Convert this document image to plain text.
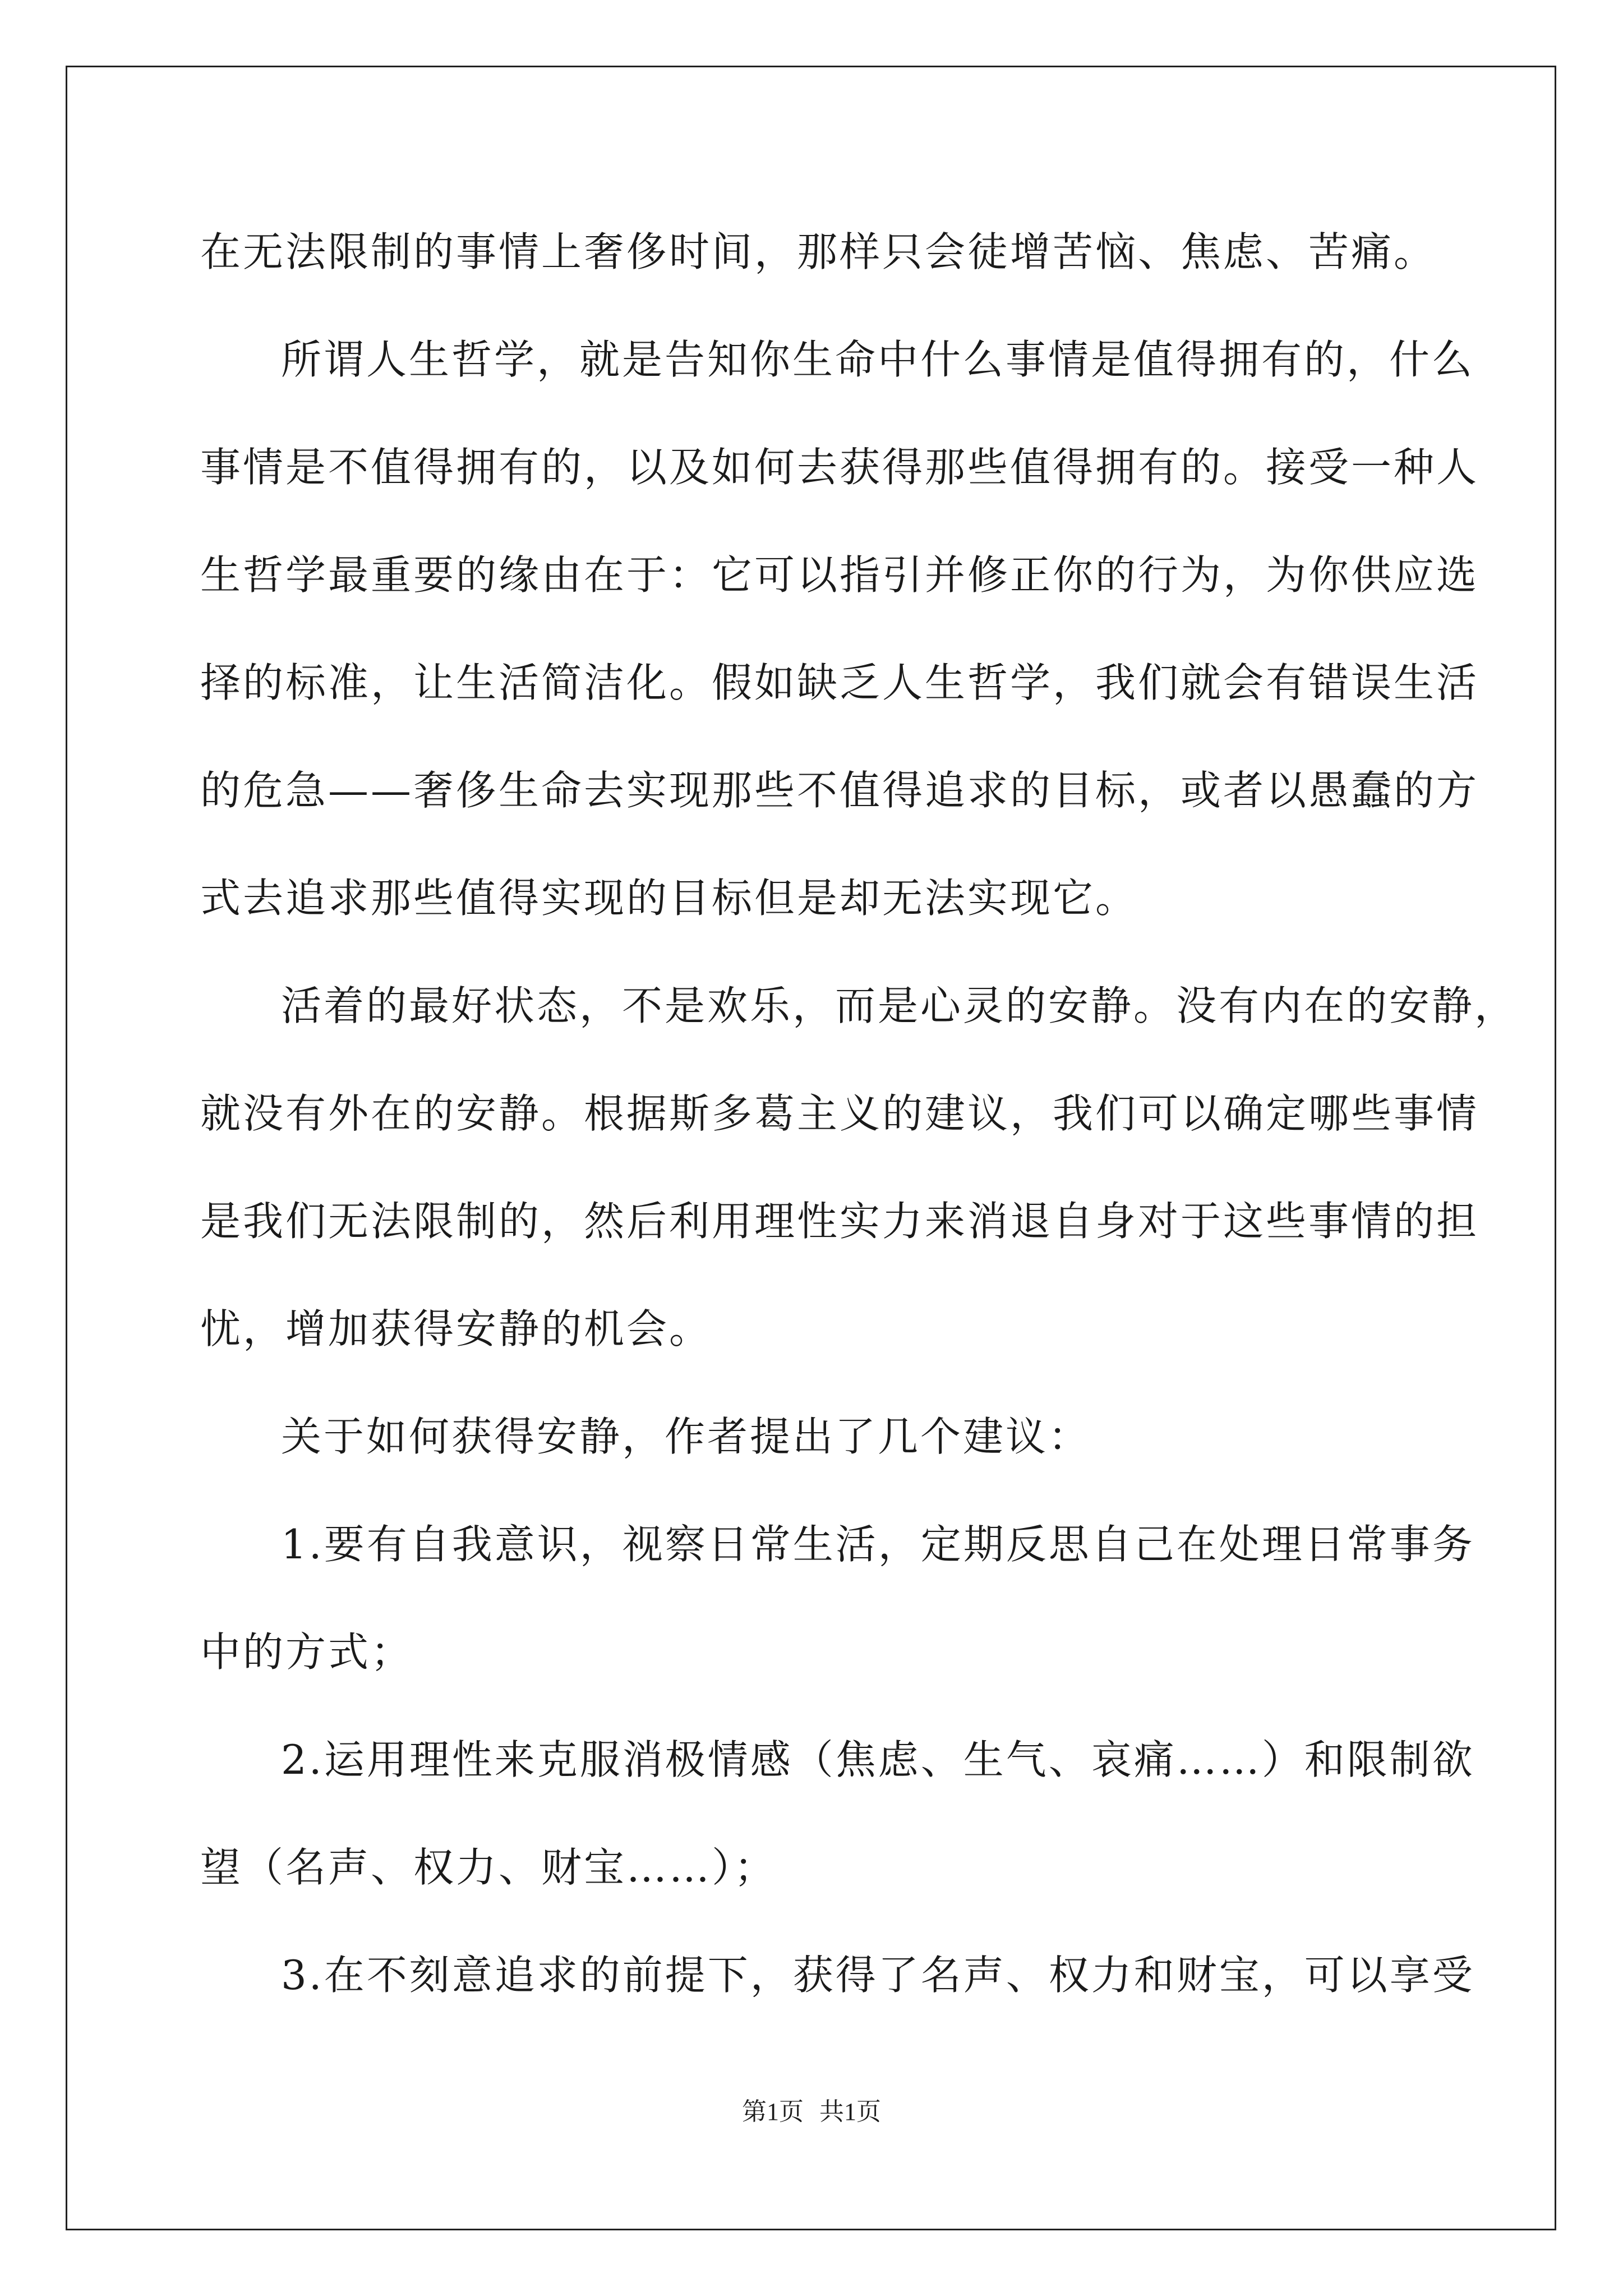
在无法限制的事情上奢侈时间，那样只会徒增苦恼、焦虑、苦痛。
所谓人生哲学，就是告知你生命中什么事情是值得拥有的，什么
事情是不值得拥有的，以及如何去获得那些值得拥有的。接受一种人
生哲学最重要的缘由在于：它可以指引并修正你的行为，为你供应选
择的标准，让生活简洁化。假如缺乏人生哲学，我们就会有错误生活
的危急——奢侈生命去实现那些不值得追求的目标，或者以愚蠢的方
式去追求那些值得实现的目标但是却无法实现它。
活着的最好状态，不是欢乐，而是心灵的安静。没有内在的安静，
就没有外在的安静。根据斯多葛主义的建议，我们可以确定哪些事情
是我们无法限制的，然后利用理性实力来消退自身对于这些事情的担
忧，增加获得安静的机会。
关于如何获得安静，作者提出了几个建议：
1.要有自我意识，视察日常生活，定期反思自己在处理日常事务
中的方式；
2.运用理性来克服消极情感（焦虑、生气、哀痛……）和限制欲
望（名声、权力、财宝……）；
3.在不刻意追求的前提下，获得了名声、权力和财宝，可以享受
第1页 共1页
